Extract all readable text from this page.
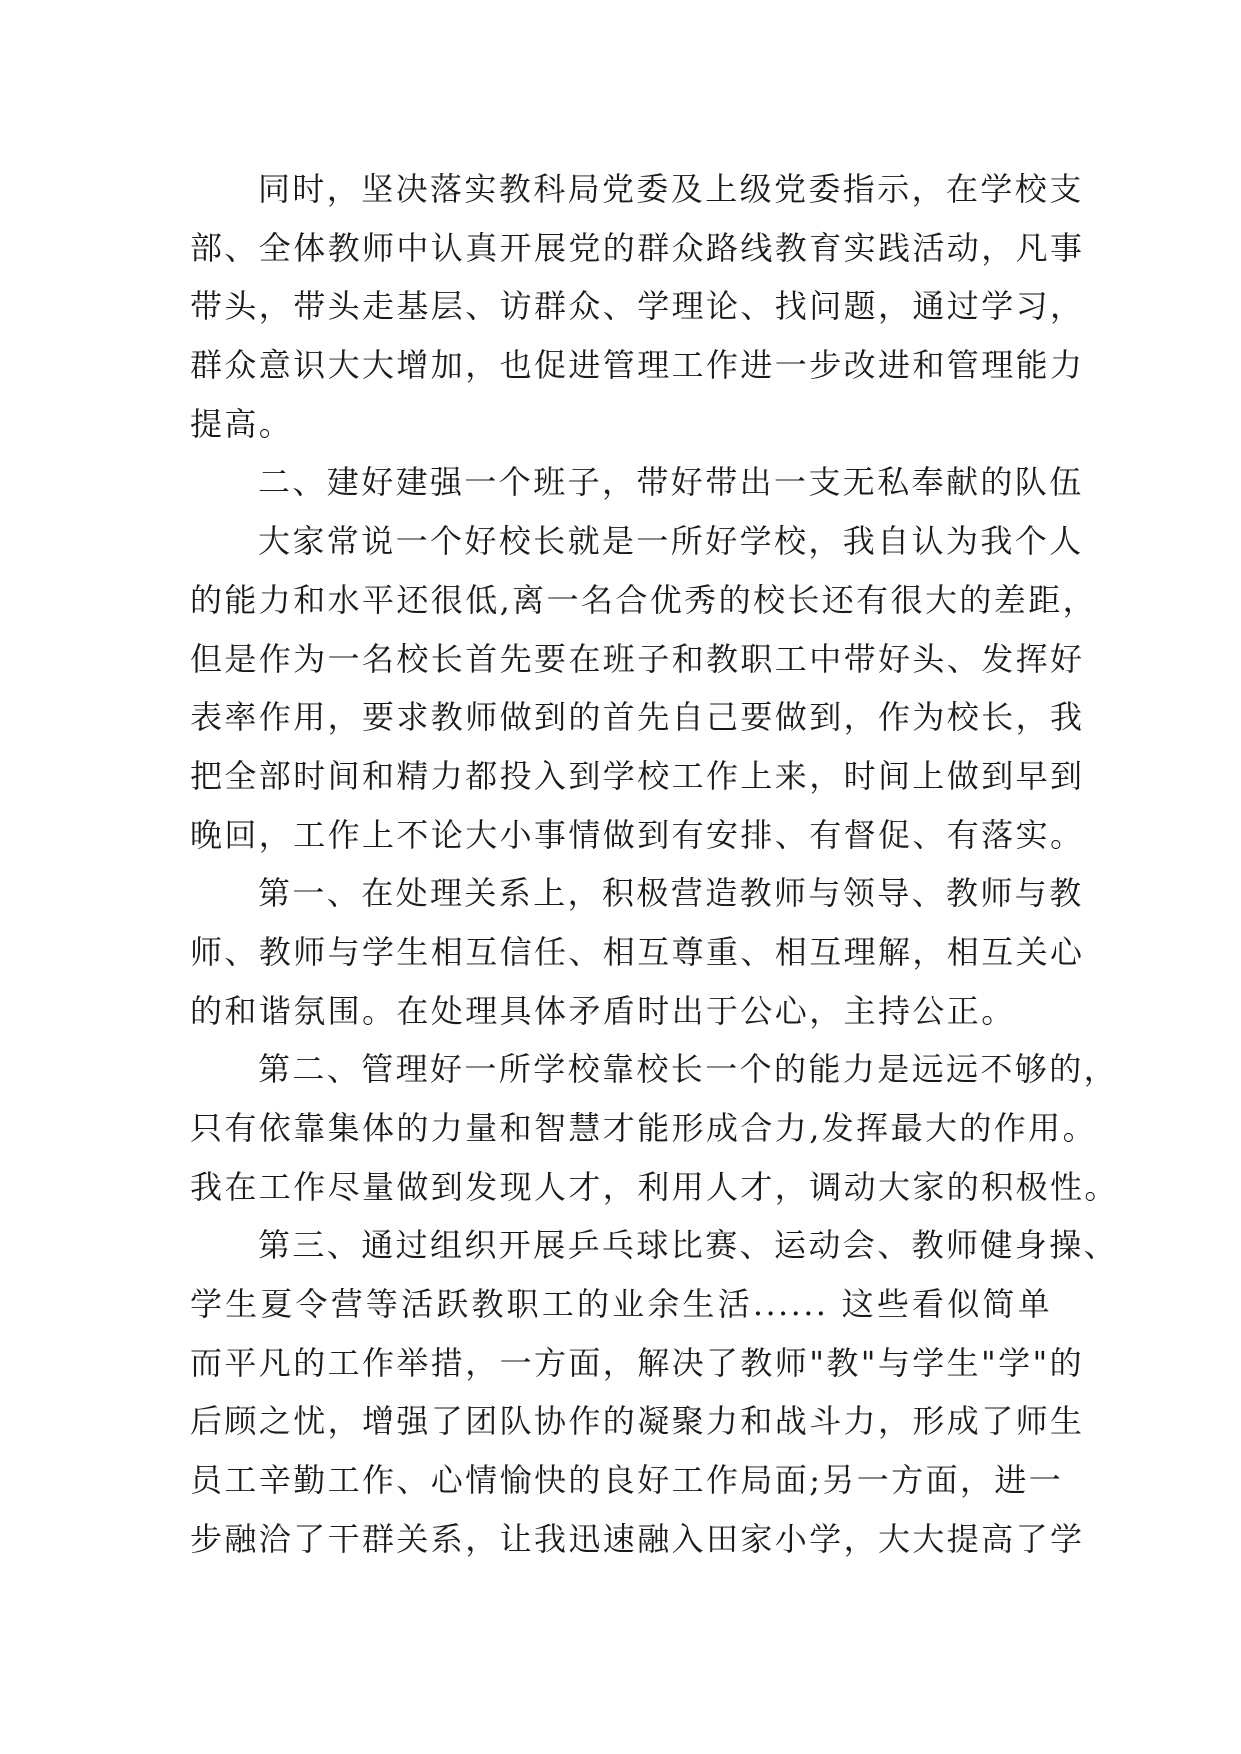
同时，坚决落实教科局党委及上级党委指示，在学校支
部、全体教师中认真开展党的群众路线教育实践活动，凡事
带头，带头走基层、访群众、学理论、找问题，通过学习，
群众意识大大增加，也促进管理工作进一步改进和管理能力
提高。
二、建好建强一个班子，带好带出一支无私奉献的队伍
大家常说一个好校长就是一所好学校，我自认为我个人
的能力和水平还很低,离一名合优秀的校长还有很大的差距，
但是作为一名校长首先要在班子和教职工中带好头、发挥好
表率作用，要求教师做到的首先自己要做到，作为校长，我
把全部时间和精力都投入到学校工作上来，时间上做到早到
晚回，工作上不论大小事情做到有安排、有督促、有落实。
第一、在处理关系上，积极营造教师与领导、教师与教
师、教师与学生相互信任、相互尊重、相互理解，相互关心
的和谐氛围。在处理具体矛盾时出于公心，主持公正。
第二、管理好一所学校靠校长一个的能力是远远不够的，
只有依靠集体的力量和智慧才能形成合力,发挥最大的作用。
我在工作尽量做到发现人才，利用人才，调动大家的积极性。
第三、通过组织开展乒乓球比赛、运动会、教师健身操、
学生夏令营等活跃教职工的业余生活...... 这些看似简单
而平凡的工作举措，一方面，解决了教师"教"与学生"学"的
后顾之忧，增强了团队协作的凝聚力和战斗力，形成了师生
员工辛勤工作、心情愉快的良好工作局面;另一方面，进一
步融洽了干群关系，让我迅速融入田家小学，大大提高了学
